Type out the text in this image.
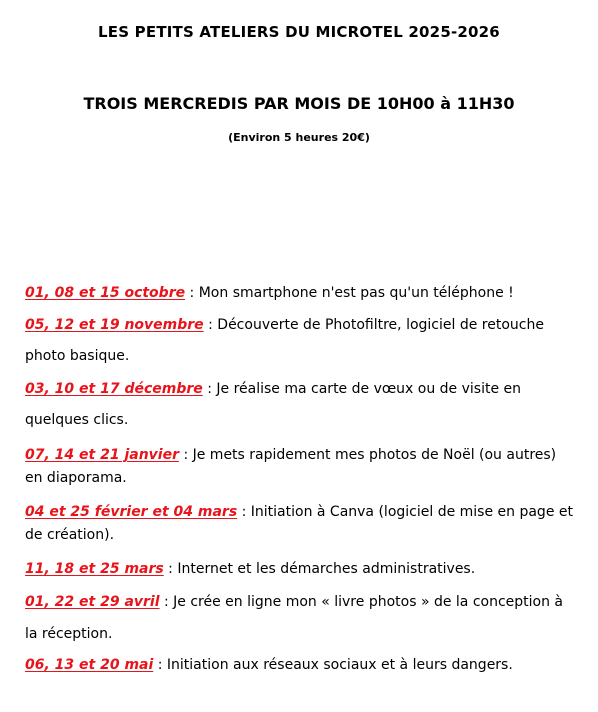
LES PETITS ATELIERS DU MICROTEL 2025-2026
TROIS MERCREDIS PAR MOIS DE 10H00 à 11H30
(Environ 5 heures 20€)
01, 08 et 15 octobre : Mon smartphone n'est pas qu'un téléphone !
05, 12 et 19 novembre : Découverte de Photofiltre, logiciel de retouche
photo basique.
03, 10 et 17 décembre : Je réalise ma carte de vœux ou de visite en
quelques clics.
07, 14 et 21 janvier : Je mets rapidement mes photos de Noël (ou autres)
en diaporama.
04 et 25 février et 04 mars : Initiation à Canva (logiciel de mise en page et
de création).
11, 18 et 25 mars : Internet et les démarches administratives.
01, 22 et 29 avril : Je crée en ligne mon « livre photos » de la conception à
la réception.
06, 13 et 20 mai : Initiation aux réseaux sociaux et à leurs dangers.
